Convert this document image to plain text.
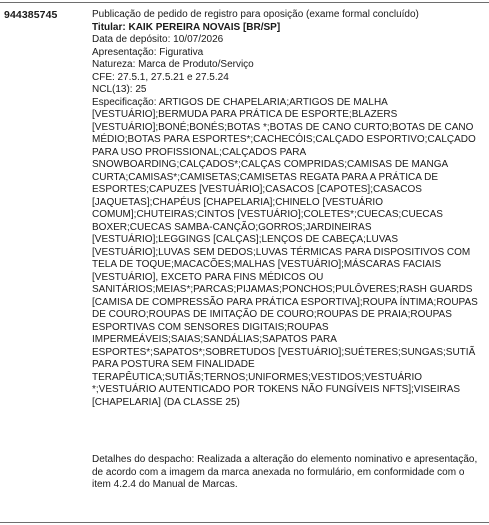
944385745	Publicação de pedido de registro para oposição (exame formal concluído)
Titular: KAIK PEREIRA NOVAIS [BR/SP]
Data de depósito: 10/07/2026
Apresentação: Figurativa
Natureza: Marca de Produto/Serviço
CFE: 27.5.1, 27.5.21 e 27.5.24
NCL(13): 25

Especificação: ARTIGOS DE CHAPELARIA;ARTIGOS DE MALHA [VESTUÁRIO];BERMUDA PARA PRÁTICA DE ESPORTE;BLAZERS [VESTUÁRIO];BONÉ;BONÉS;BOTAS *;BOTAS DE CANO CURTO;BOTAS DE CANO MÉDIO;BOTAS PARA ESPORTES*;CACHECÓIS;CALÇADO ESPORTIVO;CALÇADO PARA USO PROFISSIONAL;CALÇADOS PARA SNOWBOARDING;CALÇADOS*;CALÇAS COMPRIDAS;CAMISAS DE MANGA CURTA;CAMISAS*;CAMISETAS;CAMISETAS REGATA PARA A PRÁTICA DE ESPORTES;CAPUZES [VESTUÁRIO];CASACOS [CAPOTES];CASACOS [JAQUETAS];CHAPÉUS [CHAPELARIA];CHINELO [VESTUÁRIO COMUM];CHUTEIRAS;CINTOS [VESTUÁRIO];COLETES*;CUECAS;CUECAS BOXER;CUECAS SAMBA-CANÇÃO;GORROS;JARDINEIRAS [VESTUÁRIO];LEGGINGS [CALÇAS];LENÇOS DE CABEÇA;LUVAS [VESTUÁRIO];LUVAS SEM DEDOS;LUVAS TÉRMICAS PARA DISPOSITIVOS COM TELA DE TOQUE;MACACÕES;MALHAS [VESTUÁRIO];MÁSCARAS FACIAIS [VESTUÁRIO], EXCETO PARA FINS MÉDICOS OU SANITÁRIOS;MEIAS*;PARCAS;PIJAMAS;PONCHOS;PULÔVERES;RASH GUARDS [CAMISA DE COMPRESSÃO PARA PRÁTICA ESPORTIVA];ROUPA ÍNTIMA;ROUPAS DE COURO;ROUPAS DE IMITAÇÃO DE COURO;ROUPAS DE PRAIA;ROUPAS ESPORTIVAS COM SENSORES DIGITAIS;ROUPAS IMPERMEÁVEIS;SAIAS;SANDÁLIAS;SAPATOS PARA ESPORTES*;SAPATOS*;SOBRETUDOS [VESTUÁRIO];SUÉTERES;SUNGAS;SUTIÃ PARA POSTURA SEM FINALIDADE TERAPÊUTICA;SUTIÃS;TERNOS;UNIFORMES;VESTIDOS;VESTUÁRIO *;VESTUÁRIO AUTENTICADO POR TOKENS NÃO FUNGÍVEIS NFTS];VISEIRAS [CHAPELARIA] (DA CLASSE 25)

Detalhes do despacho: Realizada a alteração do elemento nominativo e apresentação, de acordo com a imagem da marca anexada no formulário, em conformidade com o item 4.2.4 do Manual de Marcas.
